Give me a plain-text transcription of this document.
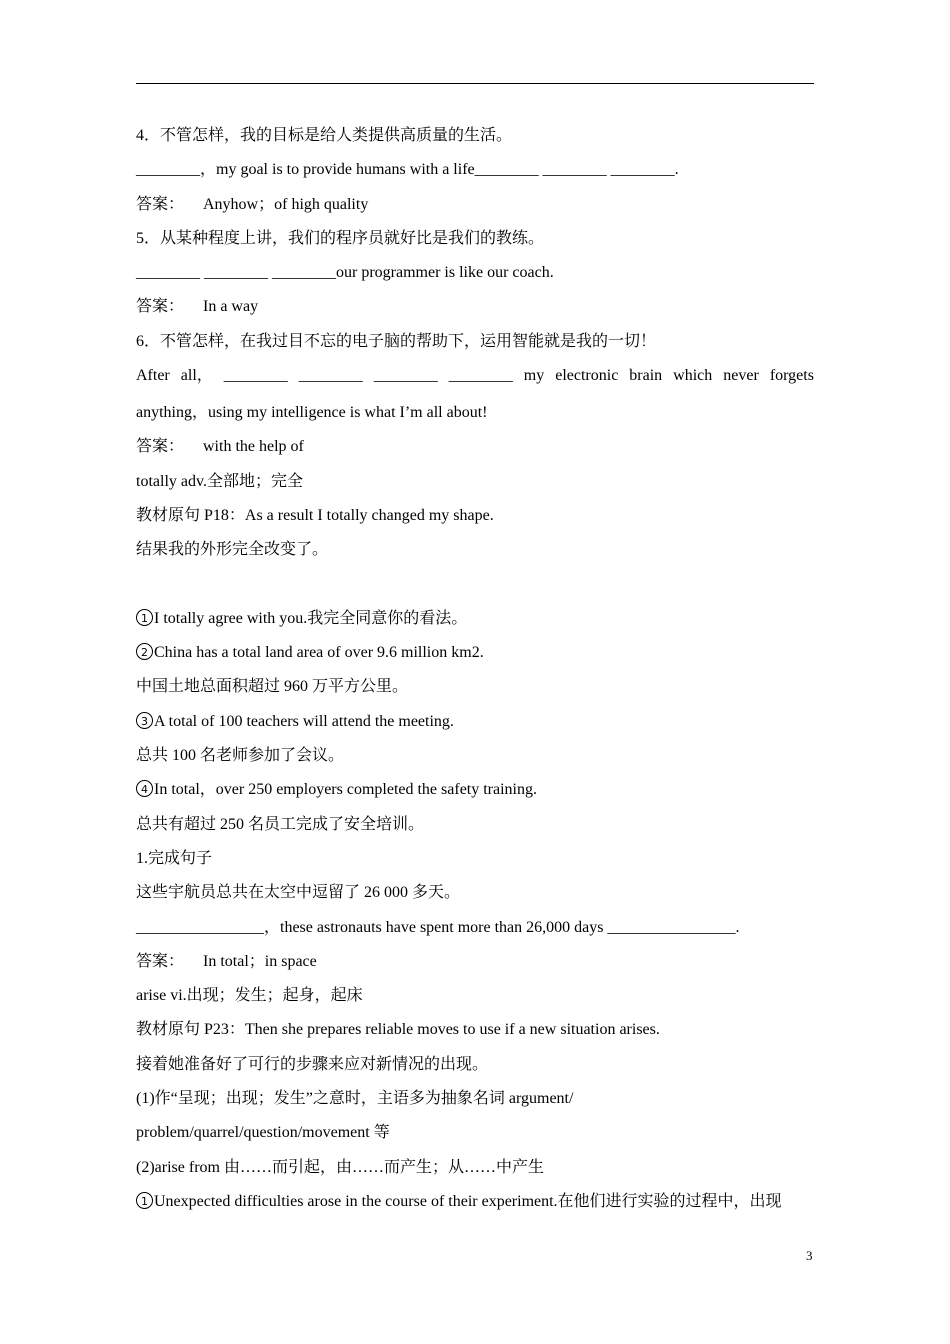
4．不管怎样，我的目标是给人类提供高质量的生活。
________，my goal is to provide humans with a life________ ________ ________.
答案： Anyhow；of high quality
5．从某种程度上讲，我们的程序员就好比是我们的教练。
________ ________ ________our programmer is like our coach.
答案： In a way
6．不管怎样，在我过目不忘的电子脑的帮助下，运用智能就是我的一切！
After all， ________ ________ ________ ________ my electronic brain which never forgets
anything，using my intelligence is what I’m all about!
答案： with the help of
totally adv.全部地；完全
教材原句 P18：As a result I totally changed my shape.
结果我的外形完全改变了。
1 I totally agree with you.我完全同意你的看法。
2 China has a total land area of over 9.6 million km2.
中国土地总面积超过 960 万平方公里。
3 A total of 100 teachers will attend the meeting.
总共 100 名老师参加了会议。
4 In total，over 250 employers completed the safety training.
总共有超过 250 名员工完成了安全培训。
1.完成句子
这些宇航员总共在太空中逗留了 26 000 多天。
________________，these astronauts have spent more than 26,000 days ________________.
答案： In total；in space
arise vi.出现；发生；起身，起床
教材原句 P23：Then she prepares reliable moves to use if a new situation arises.
接着她准备好了可行的步骤来应对新情况的出现。
(1)作“呈现；出现；发生”之意时，主语多为抽象名词 argument/
problem/quarrel/question/movement 等
(2)arise from 由……而引起，由……而产生；从……中产生
1 Unexpected difficulties arose in the course of their experiment.在他们进行实验的过程中，出现
3
